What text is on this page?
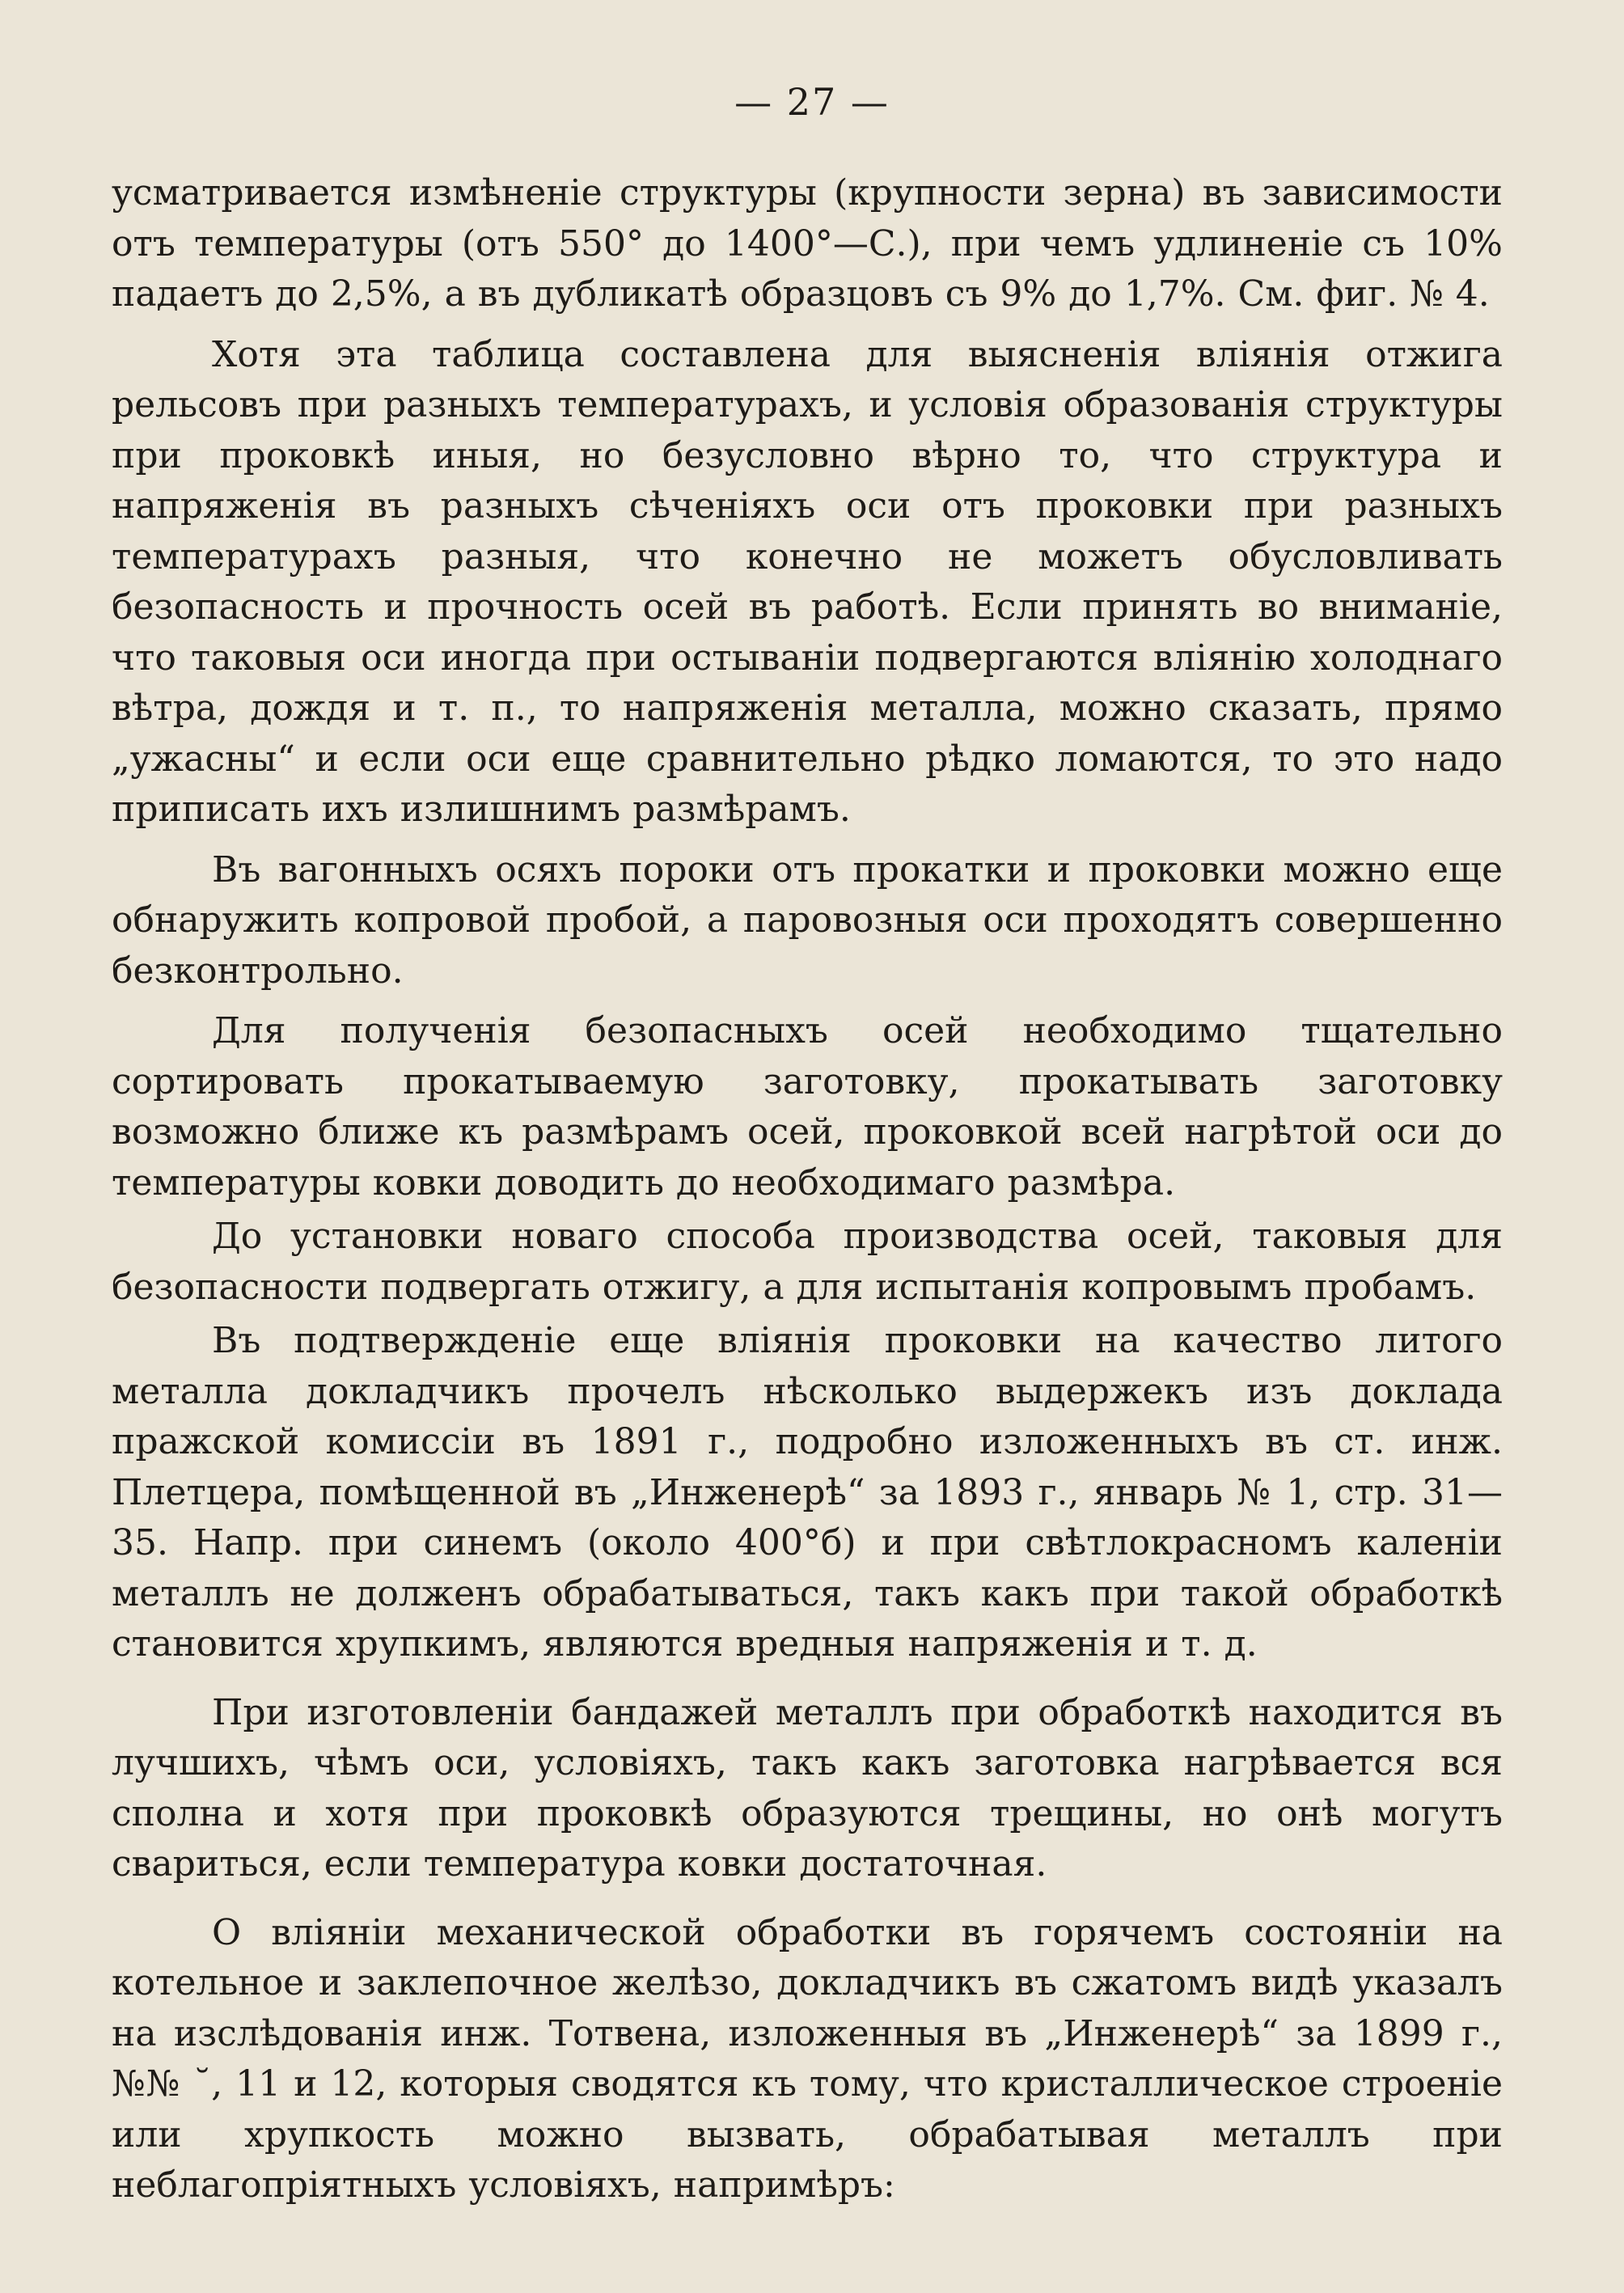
— 27 —

усматривается измѣненіе структуры (крупности зерна) въ зависимости отъ температуры (отъ 550° до 1400°—С.), при чемъ удлиненіе съ 10% падаетъ до 2,5%, а въ дубликатѣ образцовъ съ 9% до 1,7%. См. фиг. № 4.

Хотя эта таблица составлена для выясненія вліянія отжига рельсовъ при разныхъ температурахъ, и условія образованія структуры при проковкѣ иныя, но безусловно вѣрно то, что структура и напряженія въ разныхъ сѣченіяхъ оси отъ проковки при разныхъ температурахъ разныя, что конечно не можетъ обусловливать безопасность и прочность осей въ работѣ. Если принять во вниманіе, что таковыя оси иногда при остываніи подвергаются вліянію холоднаго вѣтра, дождя и т. п., то напряженія металла, можно сказать, прямо „ужасны“ и если оси еще сравнительно рѣдко ломаются, то это надо приписать ихъ излишнимъ размѣрамъ.

Въ вагонныхъ осяхъ пороки отъ прокатки и проковки можно еще обнаружить копровой пробой, а паровозныя оси проходятъ совершенно безконтрольно.

Для полученія безопасныхъ осей необходимо тщательно сортировать прокатываемую заготовку, прокатывать заготовку возможно ближе къ размѣрамъ осей, проковкой всей нагрѣтой оси до температуры ковки доводить до необходимаго размѣра.

До установки новаго способа производства осей, таковыя для безопасности подвергать отжигу, а для испытанія копровымъ пробамъ.

Въ подтвержденіе еще вліянія проковки на качество литого металла докладчикъ прочелъ нѣсколько выдержекъ изъ доклада пражской комиссіи въ 1891 г., подробно изложенныхъ въ ст. инж. Плетцера, помѣщенной въ „Инженерѣ“ за 1893 г., январь № 1, стр. 31—35. Напр. при синемъ (около 400°б) и при свѣтлокрасномъ каленіи металлъ не долженъ обрабатываться, такъ какъ при такой обработкѣ становится хрупкимъ, являются вредныя напряженія и т. д.

При изготовленіи бандажей металлъ при обработкѣ находится въ лучшихъ, чѣмъ оси, условіяхъ, такъ какъ заготовка нагрѣвается вся сполна и хотя при проковкѣ образуются трещины, но онѣ могутъ свариться, если температура ковки достаточная.

О вліяніи механической обработки въ горячемъ состояніи на котельное и заклепочное желѣзо, докладчикъ въ сжатомъ видѣ указалъ на изслѣдованія инж. Тотвена, изложенныя въ „Инженерѣ“ за 1899 г., №№ ˘, 11 и 12, которыя сводятся къ тому, что кристаллическое строеніе или хрупкость можно вызвать, обрабатывая металлъ при неблагопріятныхъ условіяхъ, напримѣръ:
